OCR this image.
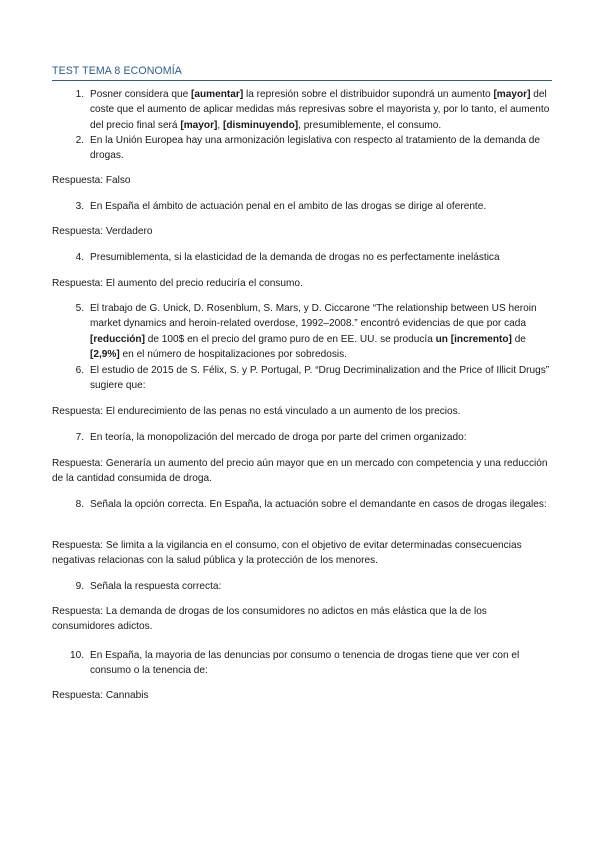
TEST TEMA 8 ECONOMÍA
1. Posner considera que [aumentar] la represión sobre el distribuidor supondrá un aumento [mayor] del coste que el aumento de aplicar medidas más represivas sobre el mayorista y, por lo tanto, el aumento del precio final será [mayor], [disminuyendo], presumiblemente, el consumo.
2. En la Unión Europea hay una armonización legislativa con respecto al tratamiento de la demanda de drogas.
Respuesta: Falso
3. En España el ámbito de actuación penal en el ambito de las drogas se dirige al oferente.
Respuesta: Verdadero
4. Presumiblementa, si la elasticidad de la demanda de drogas no es perfectamente inelástica
Respuesta: El aumento del precio reduciría el consumo.
5. El trabajo de G. Unick, D. Rosenblum, S. Mars, y D. Ciccarone “The relationship between US heroin market dynamics and heroin-related overdose, 1992–2008.” encontró evidencias de que por cada [reducción] de 100$ en el precio del gramo puro de en EE. UU. se producía un [incremento] de [2,9%] en el número de hospitalizaciones por sobredosis.
6. El estudio de 2015 de S. Félix, S. y P. Portugal, P. “Drug Decriminalization and the Price of Illicit Drugs” sugiere que:
Respuesta: El endurecimiento de las penas no está vinculado a un aumento de los precios.
7. En teoría, la monopolización del mercado de droga por parte del crimen organizado:
Respuesta: Generaría un aumento del precio aún mayor que en un mercado con competencia y una reducción de la cantidad consumida de droga.
8. Señala la opción correcta. En España, la actuación sobre el demandante en casos de drogas ilegales:
Respuesta: Se limita a la vigilancia en el consumo, con el objetivo de evitar determinadas consecuencias negativas relacionas con la salud pública y la protección de los menores.
9. Señala la respuesta correcta:
Respuesta: La demanda de drogas de los consumidores no adictos en más elástica que la de los consumidores adictos.
10. En España, la mayoria de las denuncias por consumo o tenencia de drogas tiene que ver con el consumo o la tenencia de:
Respuesta: Cannabis
